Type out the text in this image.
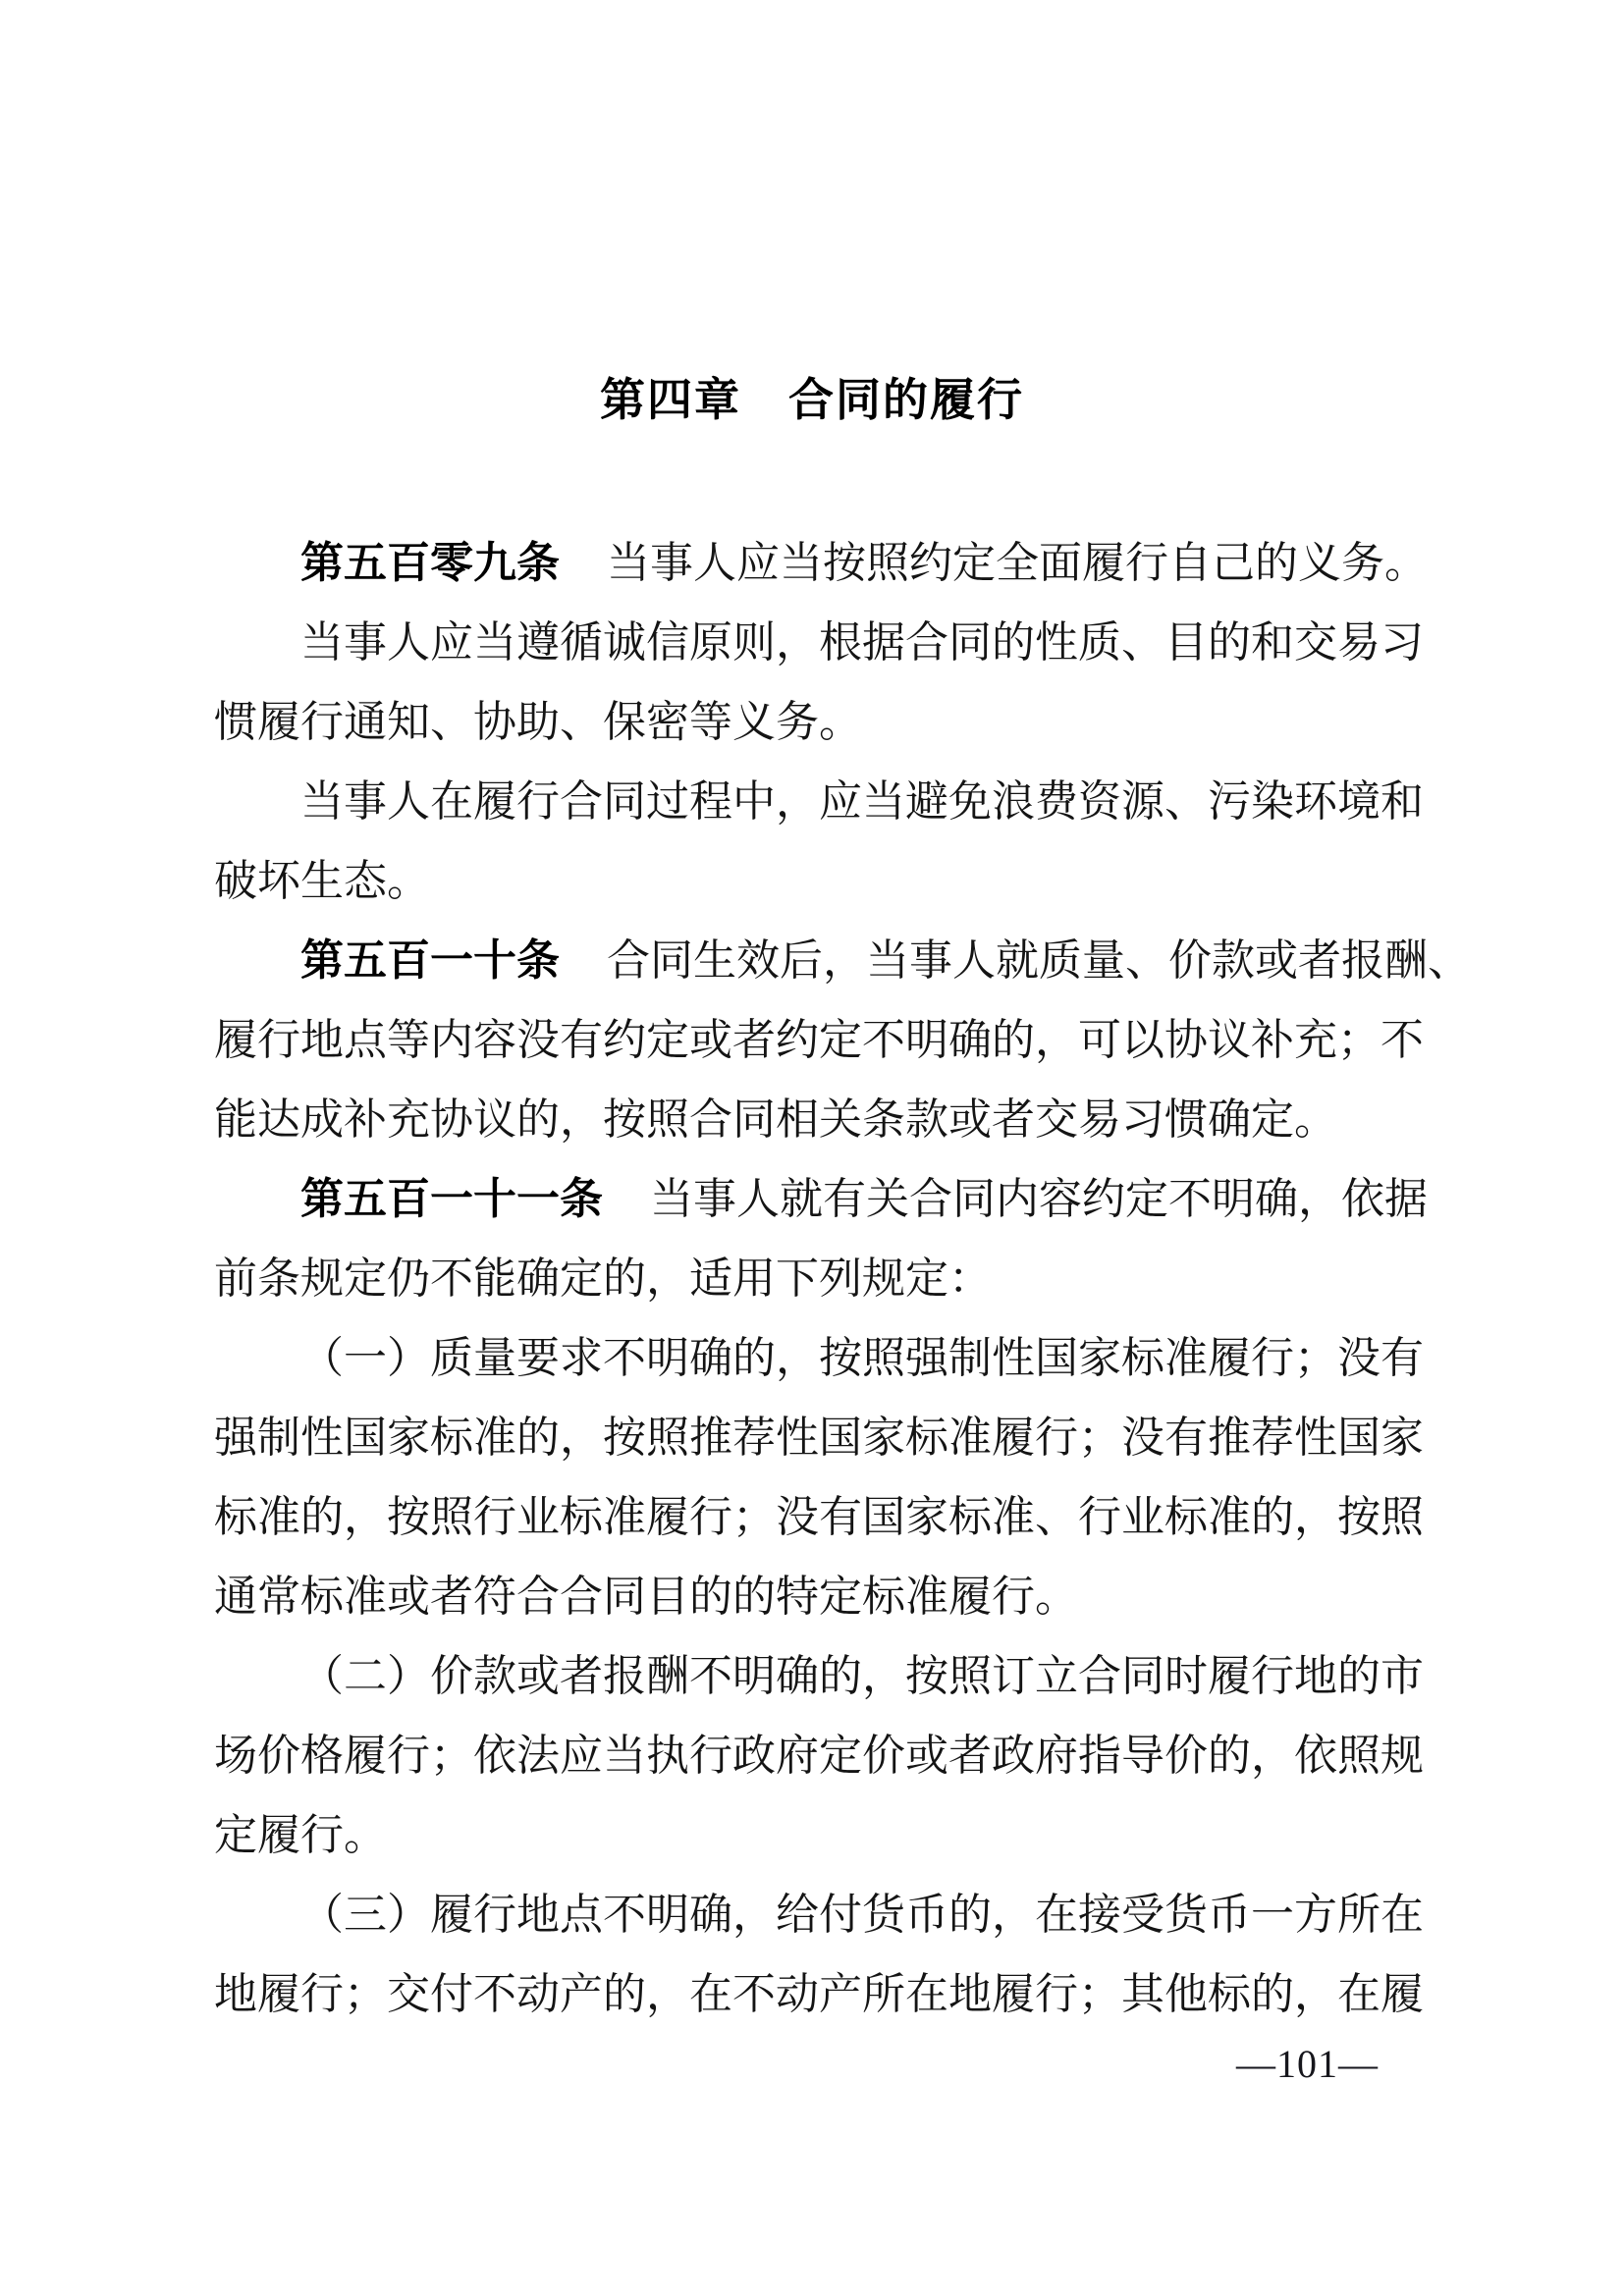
第四章　合同的履行
第五百零九条 当事人应当按照约定全面履行自己的义务。
当事人应当遵循诚信原则，根据合同的性质、目的和交易习
惯履行通知、协助、保密等义务。
当事人在履行合同过程中，应当避免浪费资源、污染环境和
破坏生态。
第五百一十条 合同生效后，当事人就质量、价款或者报酬、
履行地点等内容没有约定或者约定不明确的，可以协议补充；不
能达成补充协议的，按照合同相关条款或者交易习惯确定。
第五百一十一条 当事人就有关合同内容约定不明确，依据
前条规定仍不能确定的，适用下列规定：
（一）质量要求不明确的，按照强制性国家标准履行；没有
强制性国家标准的，按照推荐性国家标准履行；没有推荐性国家
标准的，按照行业标准履行；没有国家标准、行业标准的，按照
通常标准或者符合合同目的的特定标准履行。
（二）价款或者报酬不明确的，按照订立合同时履行地的市
场价格履行；依法应当执行政府定价或者政府指导价的，依照规
定履行。
（三）履行地点不明确，给付货币的，在接受货币一方所在
地履行；交付不动产的，在不动产所在地履行；其他标的，在履
—101—
